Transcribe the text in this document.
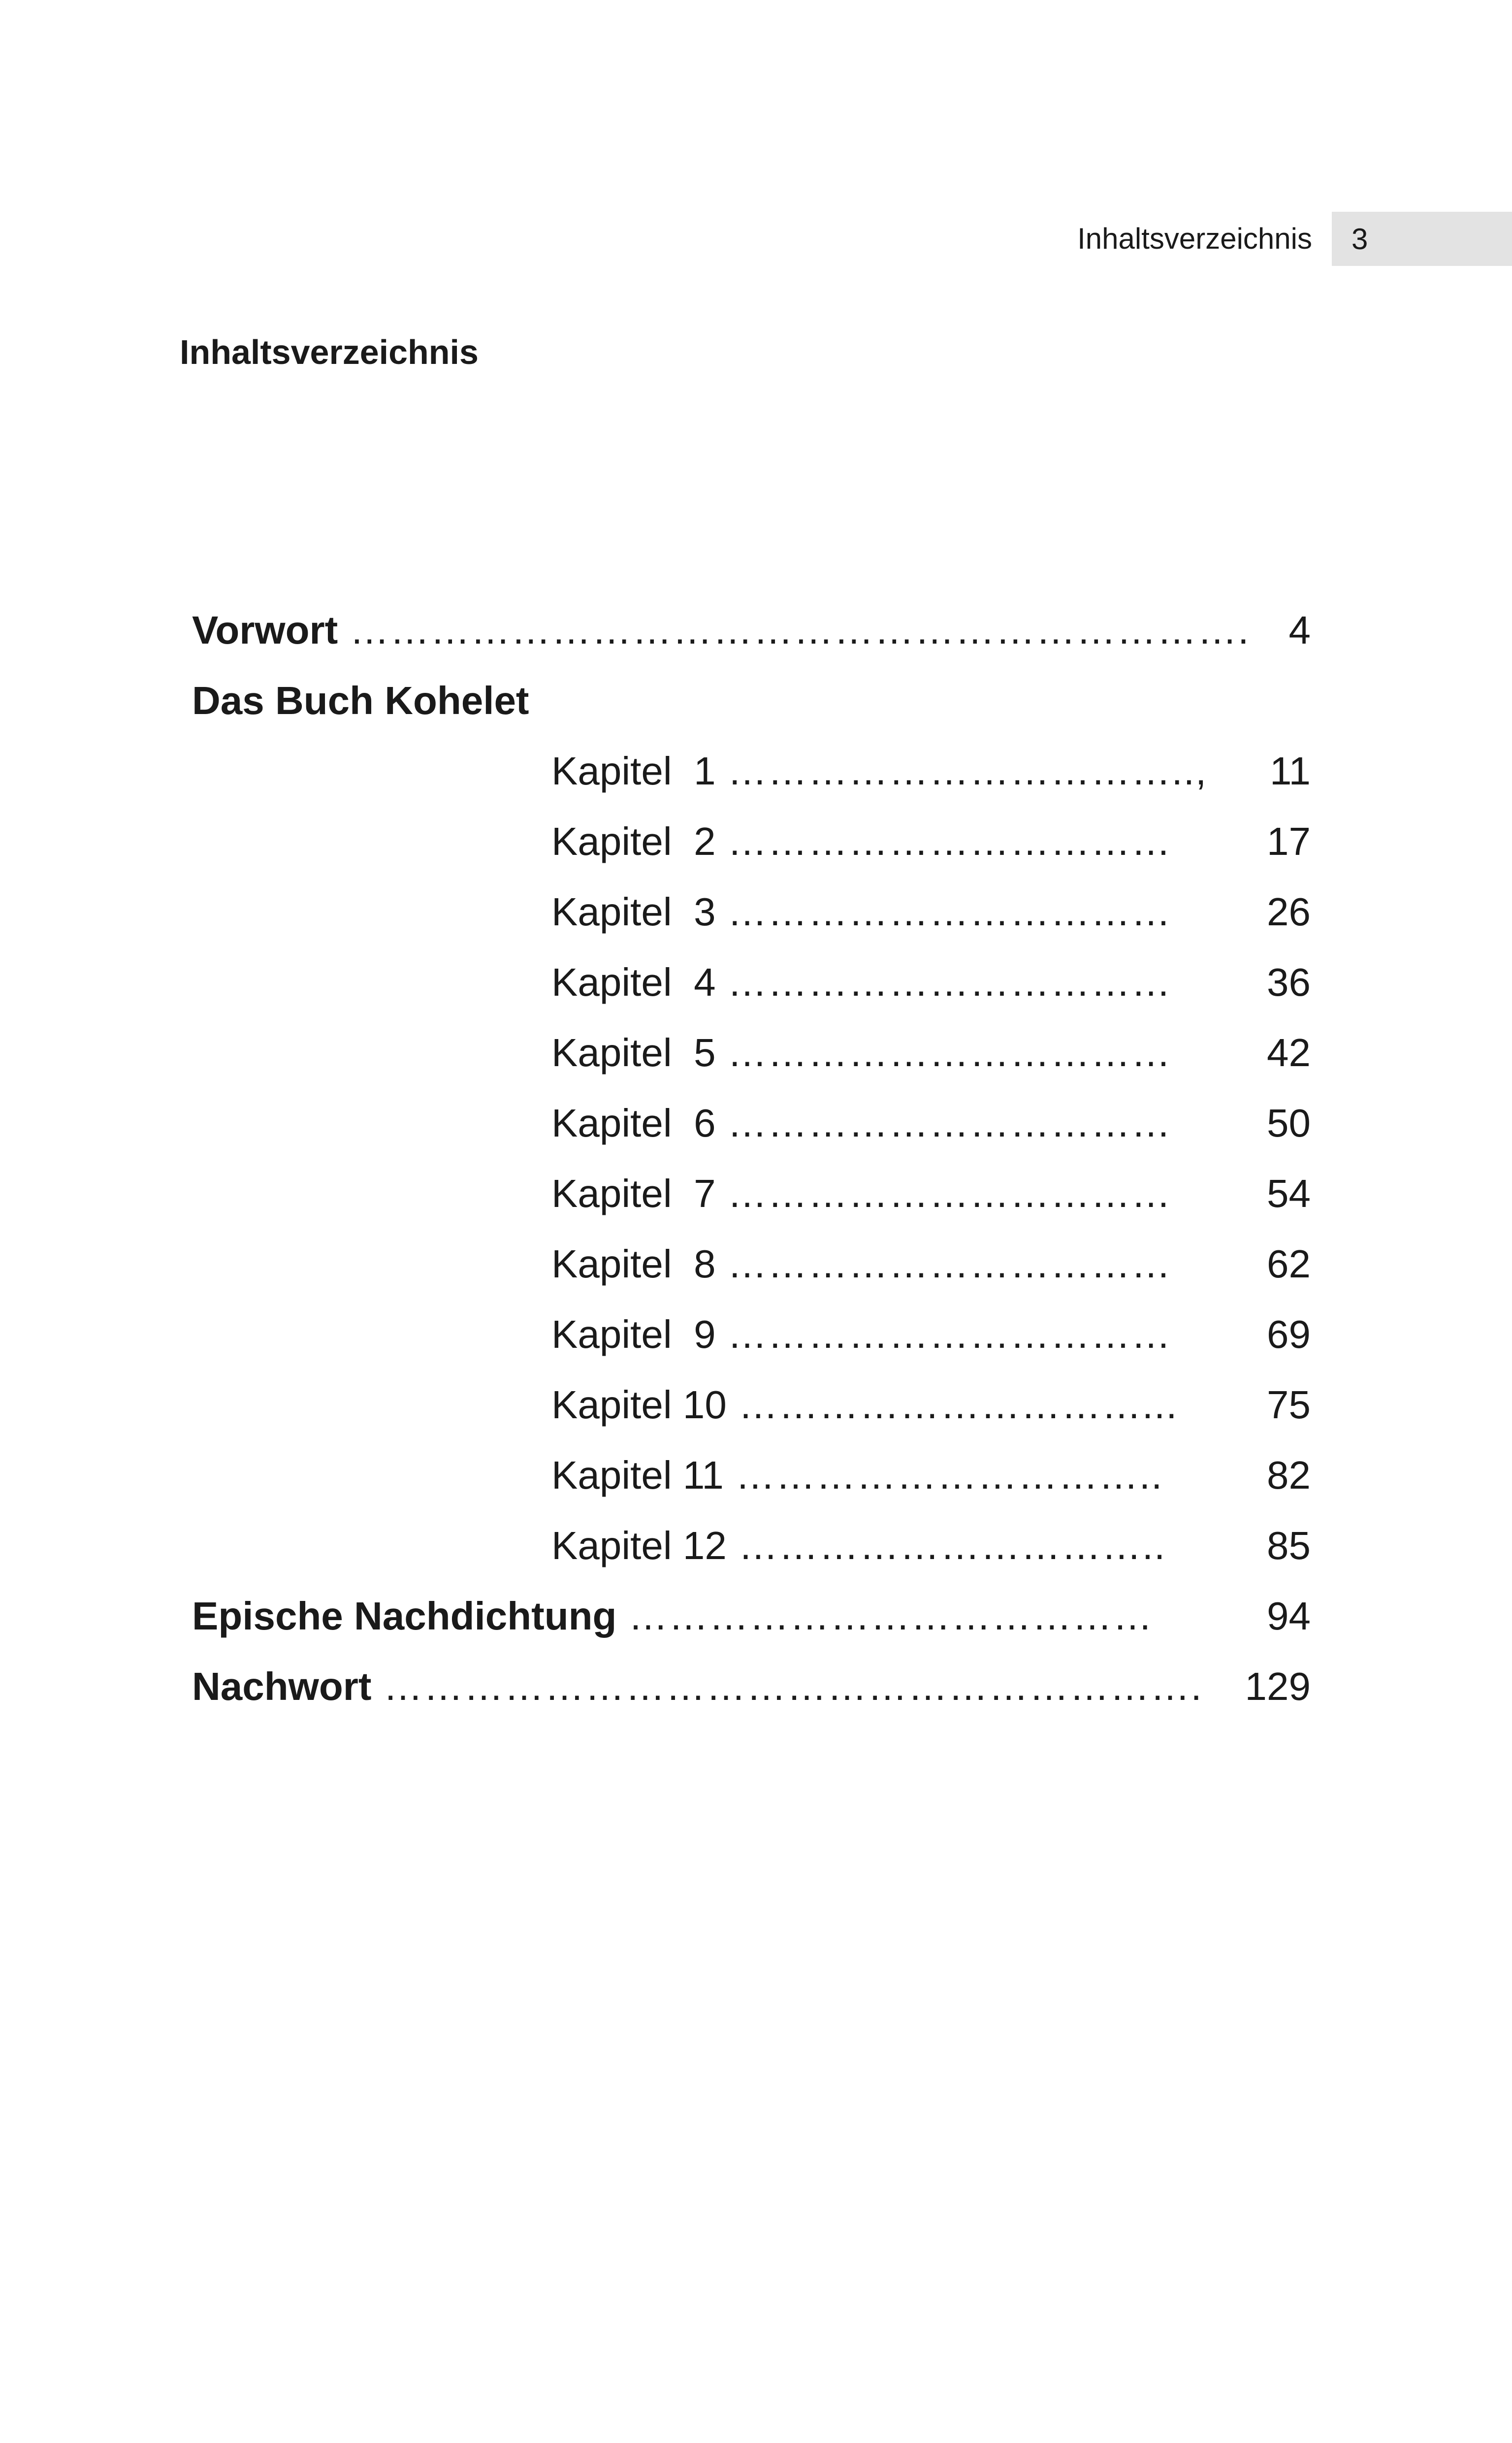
Inhaltsverzeichnis	3
Inhaltsverzeichnis
Vorwort …………………………………………………………. 4
Das Buch Kohelet
Kapitel  1 …………………………….., 11
Kapitel  2 …………………………… 17
Kapitel  3 …………………………… 26
Kapitel  4 …………………………… 36
Kapitel  5 …………………………… 42
Kapitel  6 …………………………… 50
Kapitel  7 …………………………… 54
Kapitel  8 …………………………… 62
Kapitel  9 …………………………… 69
Kapitel 10 …………………………... 75
Kapitel 11 …………………………..	82
Kapitel 12 …………………………..	85
Epische Nachdichtung …………………………………	94
Nachwort ……………………………………………………. 129
